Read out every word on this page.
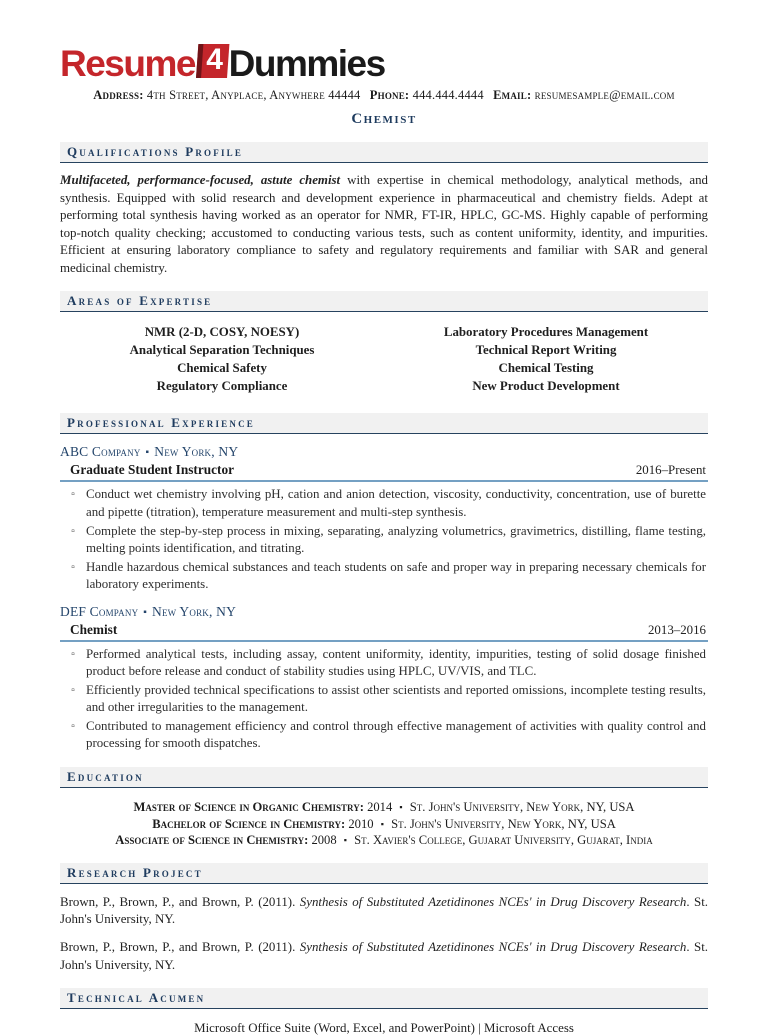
Resume 4 Dummies
Address: 4th Street, Anyplace, Anywhere 44444 Phone: 444.444.4444 Email: resumesample@email.com
Chemist
Qualifications Profile

Multifaceted, performance-focused, astute chemist with expertise in chemical methodology, analytical methods, and synthesis. Equipped with solid research and development experience in pharmaceutical and chemistry fields. Adept at performing total synthesis having worked as an operator for NMR, FT-IR, HPLC, GC-MS. Highly capable of performing top-notch quality checking; accustomed to conducting various tests, such as content uniformity, identity, and impurities. Efficient at ensuring laboratory compliance to safety and regulatory requirements and familiar with SAR and general medicinal chemistry.

Areas of Expertise
NMR (2-D, COSY, NOESY)
Analytical Separation Techniques
Chemical Safety
Regulatory Compliance
Laboratory Procedures Management
Technical Report Writing
Chemical Testing
New Product Development
Professional Experience
ABC Company ▪ New York, NY
Graduate Student Instructor	2016–Present
▫ Conduct wet chemistry involving pH, cation and anion detection, viscosity, conductivity, concentration, use of burette and pipette (titration), temperature measurement and multi-step synthesis.
▫ Complete the step-by-step process in mixing, separating, analyzing volumetrics, gravimetrics, distilling, flame testing, melting points identification, and titrating.
▫ Handle hazardous chemical substances and teach students on safe and proper way in preparing necessary chemicals for laboratory experiments.
DEF Company ▪ New York, NY
Chemist	2013–2016
▫ Performed analytical tests, including assay, content uniformity, identity, impurities, testing of solid dosage finished product before release and conduct of stability studies using HPLC, UV/VIS, and TLC.
▫ Efficiently provided technical specifications to assist other scientists and reported omissions, incomplete testing results, and other irregularities to the management.
▫ Contributed to management efficiency and control through effective management of activities with quality control and processing for smooth dispatches.
Education
Master of Science in Organic Chemistry: 2014 ▪ St. John's University, New York, NY, USA
Bachelor of Science in Chemistry: 2010 ▪ St. John's University, New York, NY, USA
Associate of Science in Chemistry: 2008 ▪ St. Xavier's College, Gujarat University, Gujarat, India
Research Project

Brown, P., Brown, P., and Brown, P. (2011). Synthesis of Substituted Azetidinones NCEs' in Drug Discovery Research. St. John's University, NY.

Brown, P., Brown, P., and Brown, P. (2011). Synthesis of Substituted Azetidinones NCEs' in Drug Discovery Research. St. John's University, NY.

Technical Acumen
Microsoft Office Suite (Word, Excel, and PowerPoint) | Microsoft Access
